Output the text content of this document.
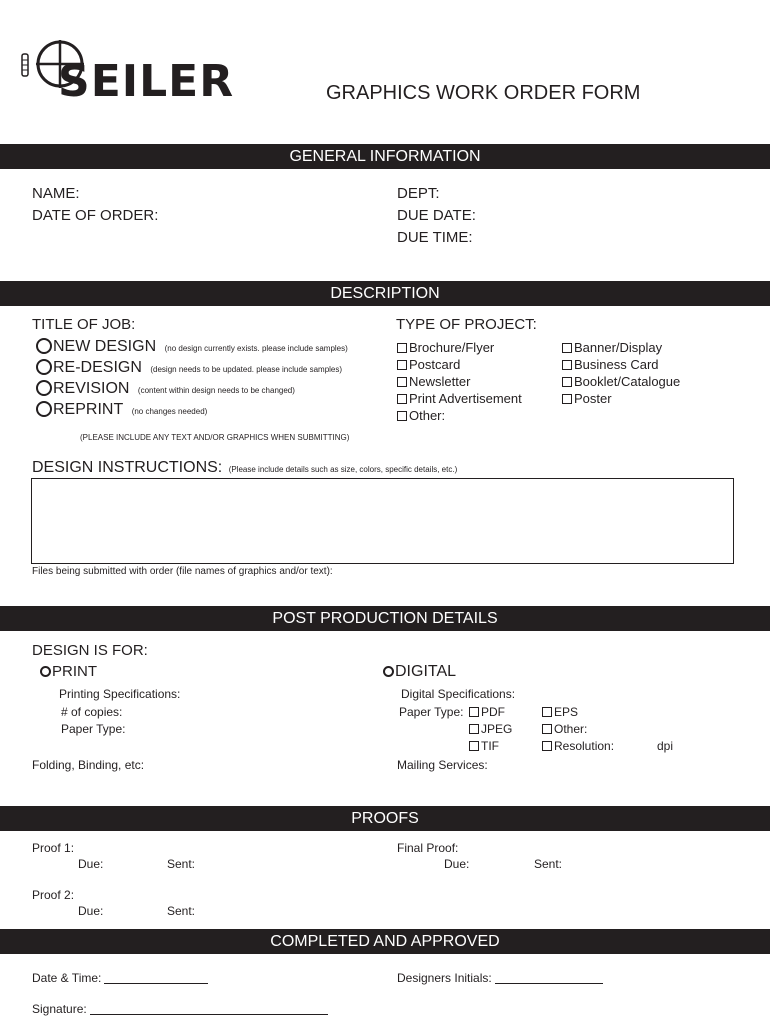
SEILER	GRAPHICS WORK ORDER FORM
GENERAL INFORMATION
NAME:
DATE OF ORDER:
DEPT:
DUE DATE:
DUE TIME:
DESCRIPTION
TITLE OF JOB:	TYPE OF PROJECT:
NEW DESIGN (no design currently exists. please include samples)
RE-DESIGN (design needs to be updated. please include samples)
REVISION (content within design needs to be changed)
REPRINT (no changes needed)
Brochure/Flyer
Postcard
Newsletter
Print Advertisement
Other:
Banner/Display
Business Card
Booklet/Catalogue
Poster
(PLEASE INCLUDE ANY TEXT AND/OR GRAPHICS WHEN SUBMITTING)
DESIGN INSTRUCTIONS: (Please include details such as size, colors, specific details, etc.)
Files being submitted with order (file names of graphics and/or text):
POST PRODUCTION DETAILS
DESIGN IS FOR:
PRINT	DIGITAL
Printing Specifications:
# of copies:
Paper Type:
Folding, Binding, etc:
Digital Specifications:
Paper Type:	PDF
JPEG
TIF
EPS
Other:
Resolution:	dpi
Mailing Services:
PROOFS
Proof 1:
Due:	Sent:
Final Proof:
Due:	Sent:
Proof 2:
Due:	Sent:
COMPLETED AND APPROVED
Date & Time:	Designers Initials:
Signature:
